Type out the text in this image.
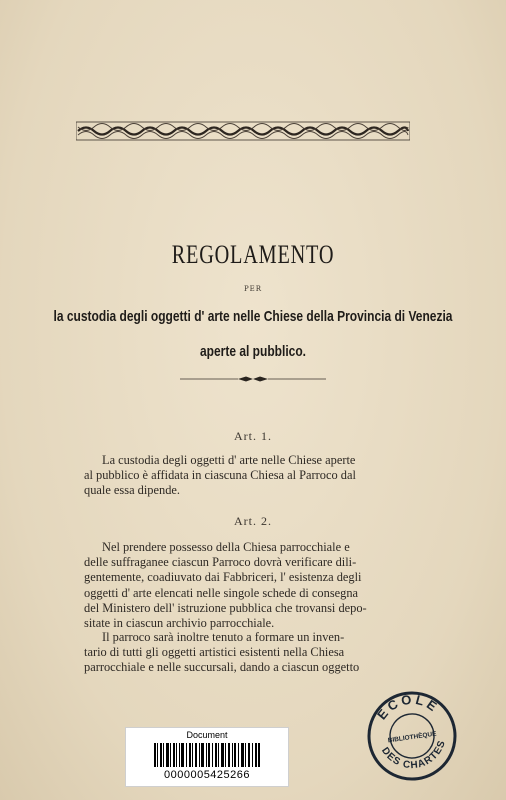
REGOLAMENTO
PER
la custodia degli oggetti d' arte nelle Chiese della Provincia di Venezia
aperte al pubblico.
Art. 1.
La custodia degli oggetti d' arte nelle Chiese aperte
al pubblico è affidata in ciascuna Chiesa al Parroco dal
quale essa dipende.
Art. 2.
Nel prendere possesso della Chiesa parrocchiale e
delle suffraganee ciascun Parroco dovrà verificare dili-
gentemente, coadiuvato dai Fabbriceri, l' esistenza degli
oggetti d' arte elencati nelle singole schede di consegna
del Ministero dell' istruzione pubblica che trovansi depo-
sitate in ciascun archivio parrocchiale.
Il parroco sarà inoltre tenuto a formare un inven-
tario di tutti gli oggetti artistici esistenti nella Chiesa
parrocchiale e nelle succursali, dando a ciascun oggetto
Document
0000005425266
ECOLE
DES CHARTES
BIBLIOTHÈQUE
